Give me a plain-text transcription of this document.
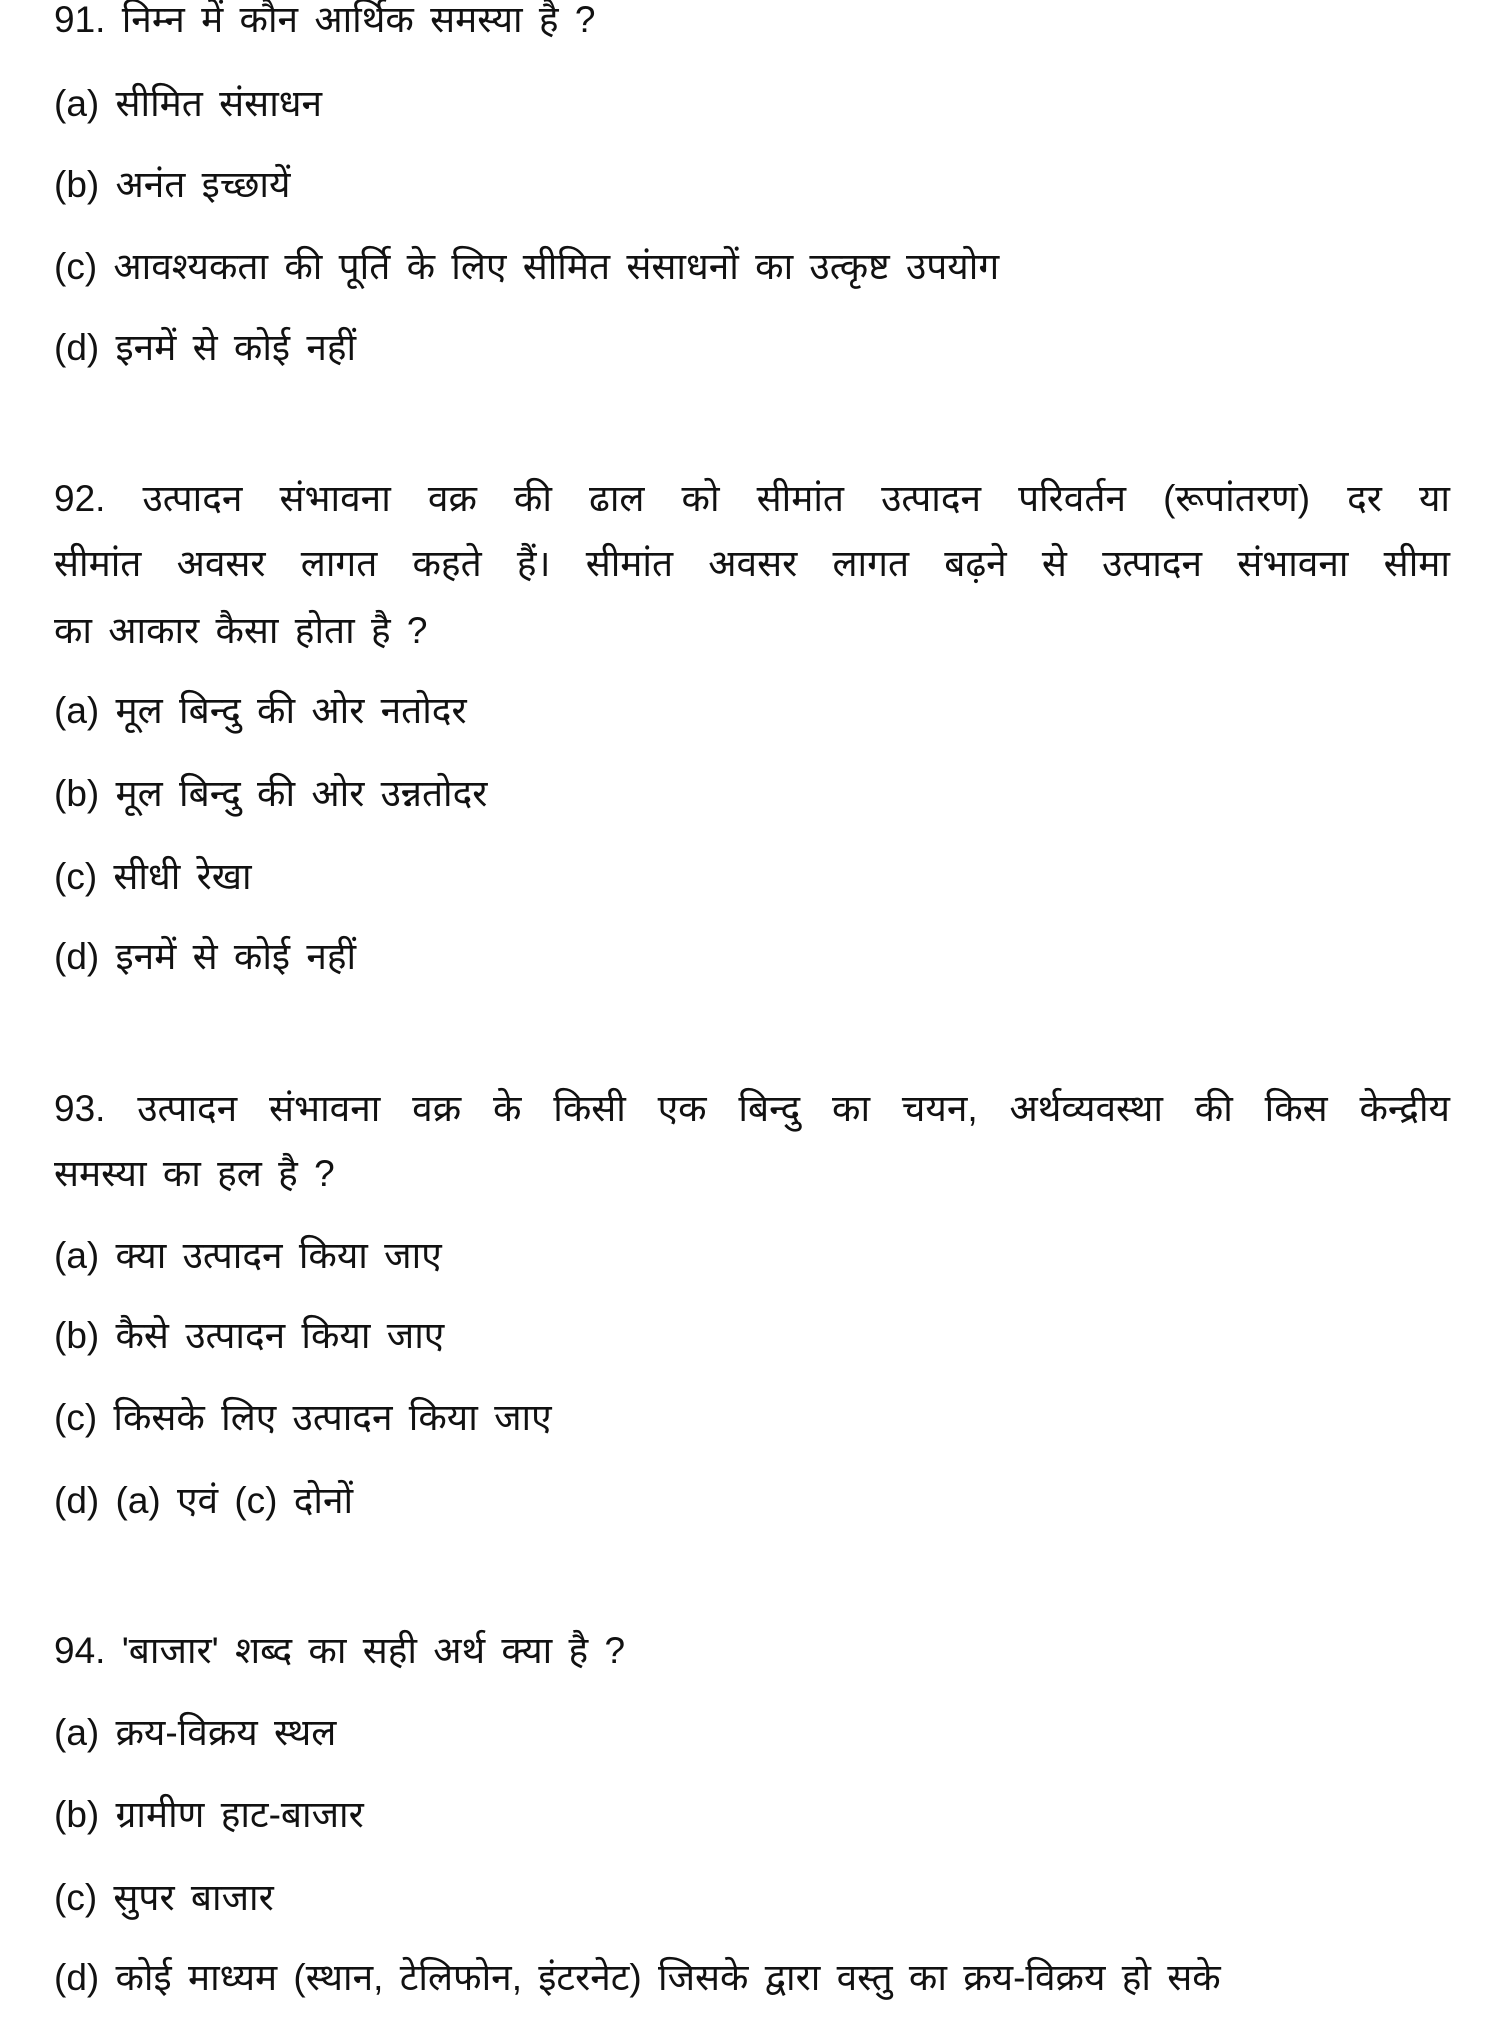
91. निम्न में कौन आर्थिक समस्या है ?
(a) सीमित संसाधन
(b) अनंत इच्छायें
(c) आवश्यकता की पूर्ति के लिए सीमित संसाधनों का उत्कृष्ट उपयोग
(d) इनमें से कोई नहीं
92. उत्पादन संभावना वक्र की ढाल को सीमांत उत्पादन परिवर्तन (रूपांतरण) दर या
सीमांत अवसर लागत कहते हैं। सीमांत अवसर लागत बढ़ने से उत्पादन संभावना सीमा
का आकार कैसा होता है ?
(a) मूल बिन्दु की ओर नतोदर
(b) मूल बिन्दु की ओर उन्नतोदर
(c) सीधी रेखा
(d) इनमें से कोई नहीं
93. उत्पादन संभावना वक्र के किसी एक बिन्दु का चयन, अर्थव्यवस्था की किस केन्द्रीय
समस्या का हल है ?
(a) क्या उत्पादन किया जाए
(b) कैसे उत्पादन किया जाए
(c) किसके लिए उत्पादन किया जाए
(d) (a) एवं (c) दोनों
94. 'बाजार' शब्द का सही अर्थ क्या है ?
(a) क्रय-विक्रय स्थल
(b) ग्रामीण हाट-बाजार
(c) सुपर बाजार
(d) कोई माध्यम (स्थान, टेलिफोन, इंटरनेट) जिसके द्वारा वस्तु का क्रय-विक्रय हो सके
